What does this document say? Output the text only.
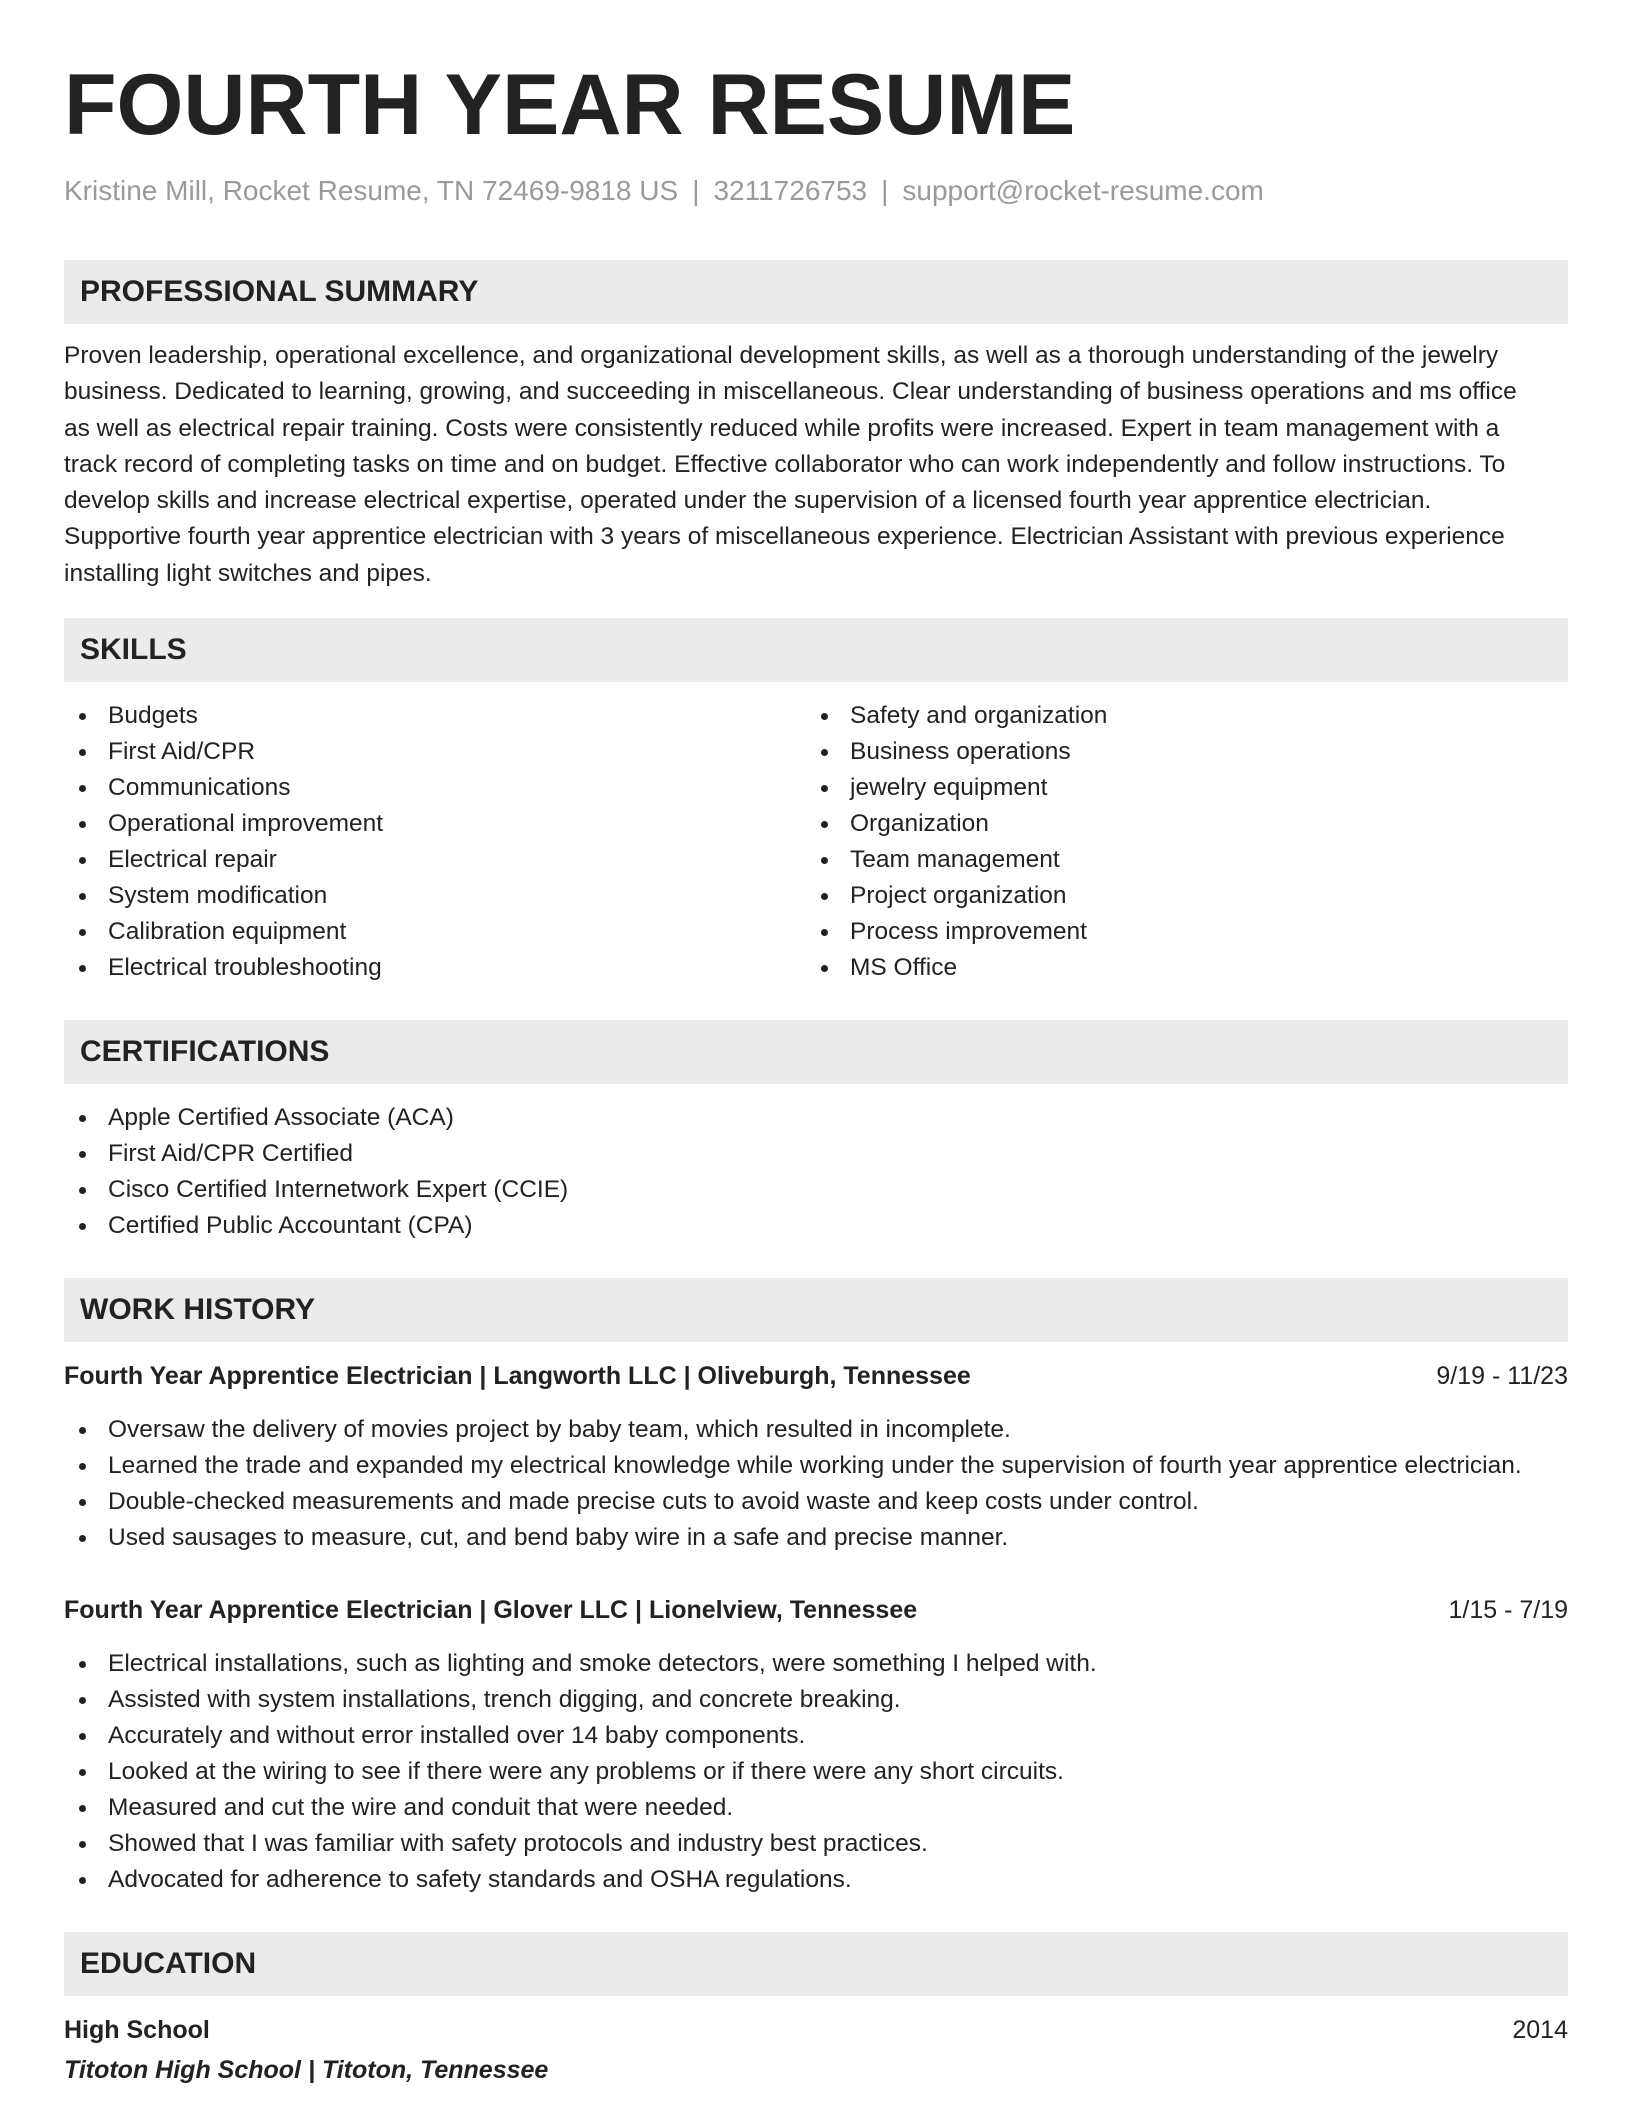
FOURTH YEAR RESUME
Kristine Mill, Rocket Resume, TN 72469-9818 US | 3211726753 | support@rocket-resume.com
PROFESSIONAL SUMMARY

Proven leadership, operational excellence, and organizational development skills, as well as a thorough understanding of the jewelry business. Dedicated to learning, growing, and succeeding in miscellaneous. Clear understanding of business operations and ms office as well as electrical repair training. Costs were consistently reduced while profits were increased. Expert in team management with a track record of completing tasks on time and on budget. Effective collaborator who can work independently and follow instructions. To develop skills and increase electrical expertise, operated under the supervision of a licensed fourth year apprentice electrician. Supportive fourth year apprentice electrician with 3 years of miscellaneous experience. Electrician Assistant with previous experience installing light switches and pipes.

SKILLS
Budgets
First Aid/CPR
Communications
Operational improvement
Electrical repair
System modification
Calibration equipment
Electrical troubleshooting
Safety and organization
Business operations
jewelry equipment
Organization
Team management
Project organization
Process improvement
MS Office
CERTIFICATIONS
Apple Certified Associate (ACA)
First Aid/CPR Certified
Cisco Certified Internetwork Expert (CCIE)
Certified Public Accountant (CPA)
WORK HISTORY
Fourth Year Apprentice Electrician | Langworth LLC | Oliveburgh, Tennessee	9/19 - 11/23
Oversaw the delivery of movies project by baby team, which resulted in incomplete.
Learned the trade and expanded my electrical knowledge while working under the supervision of fourth year apprentice electrician.
Double-checked measurements and made precise cuts to avoid waste and keep costs under control.
Used sausages to measure, cut, and bend baby wire in a safe and precise manner.
Fourth Year Apprentice Electrician | Glover LLC | Lionelview, Tennessee	1/15 - 7/19
Electrical installations, such as lighting and smoke detectors, were something I helped with.
Assisted with system installations, trench digging, and concrete breaking.
Accurately and without error installed over 14 baby components.
Looked at the wiring to see if there were any problems or if there were any short circuits.
Measured and cut the wire and conduit that were needed.
Showed that I was familiar with safety protocols and industry best practices.
Advocated for adherence to safety standards and OSHA regulations.
EDUCATION
High School	2014
Titoton High School | Titoton, Tennessee
